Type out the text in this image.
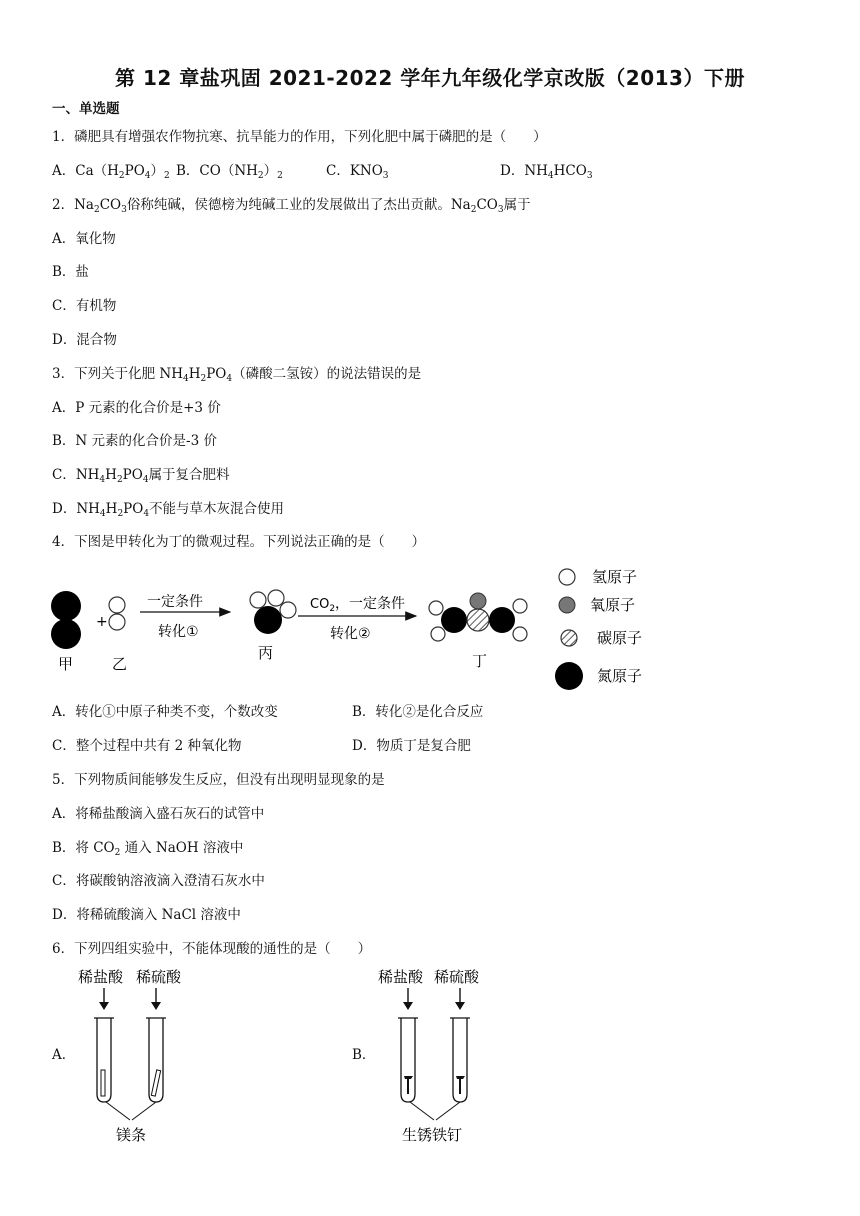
第 12 章盐巩固 2021-2022 学年九年级化学京改版（2013）下册
一、单选题
1．磷肥具有增强农作物抗寒、抗旱能力的作用，下列化肥中属于磷肥的是（　　）
A．$Ca(H_2PO_4)_2$ B．$CO(NH_2)_2$	C．$KNO_3$	D．$NH_4HCO_3$
2．$Na_2CO_3$俗称纯碱，侯德榜为纯碱工业的发展做出了杰出贡献。$Na_2CO_3$属于
A．氧化物
B．盐
C．有机物
D．混合物
3．下列关于化肥 $NH_4H_2PO_4$（磷酸二氢铵）的说法错误的是
A．P 元素的化合价是+3 价
B．N 元素的化合价是-3 价
C．$NH_4H_2PO_4$属于复合肥料
D．$NH_4H_2PO_4$不能与草木灰混合使用
4．下图是甲转化为丁的微观过程。下列说法正确的是（　　）
+
一定条件
转化①
$CO_2$，一定条件
转化②
甲	乙
丙	丁
氢原子
氧原子
碳原子
氮原子
A．转化①中原子种类不变，个数改变	B．转化②是化合反应
C．整个过程中共有 2 种氧化物	D．物质丁是复合肥
5．下列物质间能够发生反应，但没有出现明显现象的是
A．将稀盐酸滴入盛石灰石的试管中
B．将 $CO_2$ 通入 NaOH 溶液中
C．将碳酸钠溶液滴入澄清石灰水中
D．将稀硫酸滴入 NaCl 溶液中
6．下列四组实验中，不能体现酸的通性的是（　　）
A．
稀盐酸 稀硫酸
镁条
B．
稀盐酸 稀硫酸
生锈铁钉
